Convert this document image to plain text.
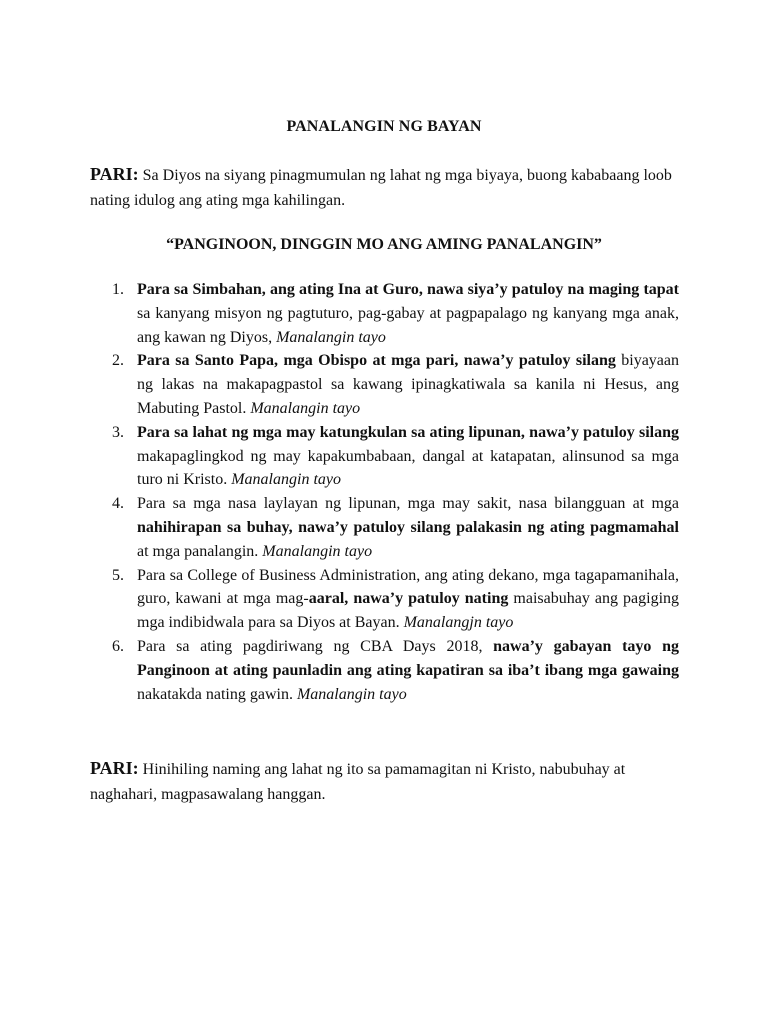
PANALANGIN NG BAYAN
PARI: Sa Diyos na siyang pinagmumulan ng lahat ng mga biyaya, buong kababaang loob nating idulog ang ating mga kahilingan.
“PANGINOON, DINGGIN MO ANG AMING PANALANGIN”
1. Para sa Simbahan, ang ating Ina at Guro, nawa siya’y patuloy na maging tapat sa kanyang misyon ng pagtuturo, pag-gabay at pagpapalago ng kanyang mga anak, ang kawan ng Diyos, Manalangin tayo
2. Para sa Santo Papa, mga Obispo at mga pari, nawa’y patuloy silang biyayaan ng lakas na makapagpastol sa kawang ipinagkatiwala sa kanila ni Hesus, ang Mabuting Pastol. Manalangin tayo
3. Para sa lahat ng mga may katungkulan sa ating lipunan, nawa’y patuloy silang makapaglingkod ng may kapakumbabaan, dangal at katapatan, alinsunod sa mga turo ni Kristo. Manalangin tayo
4. Para sa mga nasa laylayan ng lipunan, mga may sakit, nasa bilangguan at mga nahihirapan sa buhay, nawa’y patuloy silang palakasin ng ating pagmamahal at mga panalangin. Manalangin tayo
5. Para sa College of Business Administration, ang ating dekano, mga tagapamanihala, guro, kawani at mga mag-aaral, nawa’y patuloy nating maisabuhay ang pagiging mga indibidwala para sa Diyos at Bayan. Manalangjn tayo
6. Para sa ating pagdiriwang ng CBA Days 2018, nawa’y gabayan tayo ng Panginoon at ating paunladin ang ating kapatiran sa iba’t ibang mga gawaing nakatakda nating gawin. Manalangin tayo
PARI: Hinihiling naming ang lahat ng ito sa pamamagitan ni Kristo, nabubuhay at naghahari, magpasawalang hanggan.
